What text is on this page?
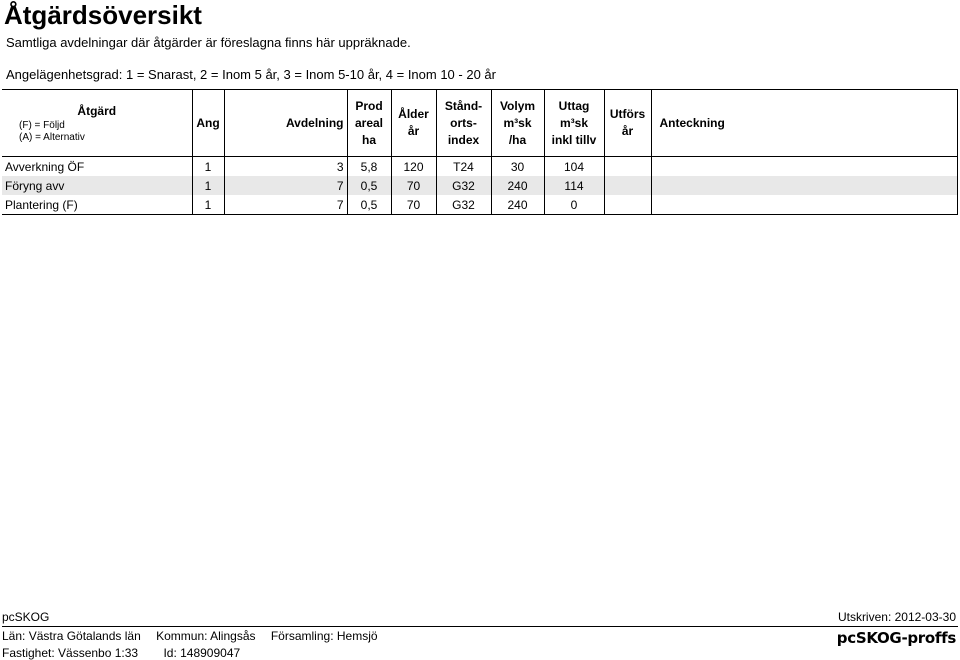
Åtgärdsöversikt
Samtliga avdelningar där åtgärder är föreslagna finns här uppräknade.
Angelägenhetsgrad: 1 = Snarast, 2 = Inom 5 år, 3 = Inom 5-10 år, 4 = Inom 10 - 20 år
Åtgärd
(F) = Följd
(A) = Alternativ	Ang	Avdelning	Prod
areal
ha	Ålder
år	Stånd-
orts-
index	Volym
m³sk
/ha	Uttag
m³sk
inkl tillv	Utförs
år	Anteckning

Avverkning ÖF	1	3	5,8	120	T24	30	104		
Föryng avv	1	7	0,5	70	G32	240	114		
Plantering (F)	1	7	0,5	70	G32	240	0		
pcSKOG	Utskriven: 2012-03-30
Län: Västra Götalands län Kommun: Alingsås Församling: Hemsjö
Fastighet: Vässenbo 1:33 Id: 148909047
pcSKOG-proffs
